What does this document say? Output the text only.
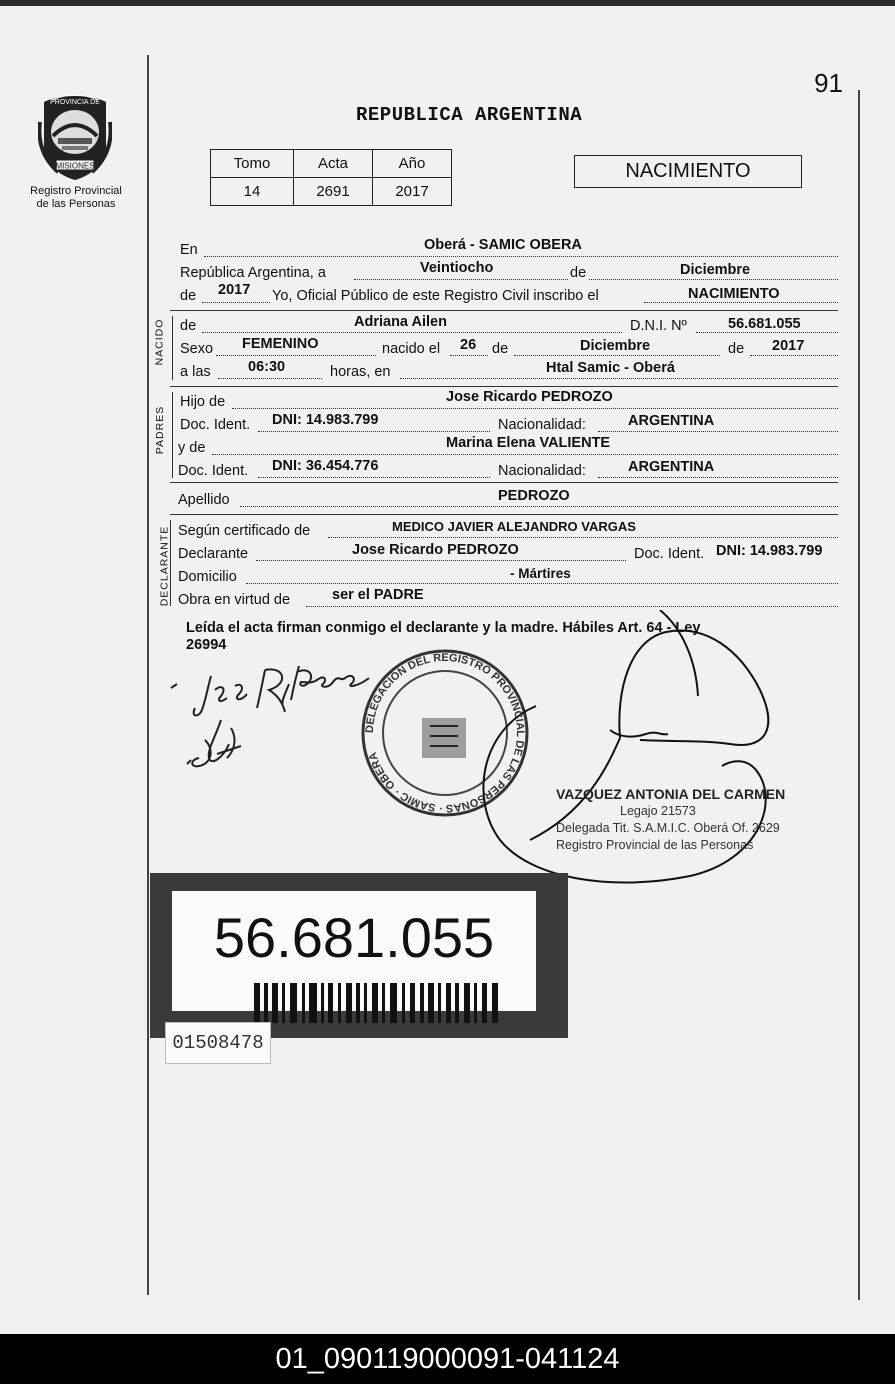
91
PROVINCIA DE
MISIONES
Registro Provincial
de las Personas
REPUBLICA ARGENTINA
Tomo	Acta	Año
14	2691	2017
NACIMIENTO
En	Oberá - SAMIC OBERA
República Argentina, a	Veintiocho	de	Diciembre
de 2017 Yo, Oficial Público de este Registro Civil inscribo el	NACIMIENTO
NACIDO de	Adriana Ailen	D.N.I. Nº	56.681.055
Sexo FEMENINO	nacido el 26 de	Diciembre	de 2017
a las	06:30	horas, en	Htal Samic - Oberá
PADRES
Hijo de	Jose Ricardo PEDROZO
Doc. Ident. DNI: 14.983.799	Nacionalidad:	ARGENTINA
y de	Marina Elena VALIENTE
Doc. Ident. DNI: 36.454.776	Nacionalidad:	ARGENTINA
Apellido	PEDROZO
DECLARANTE Según certificado de	MEDICO JAVIER ALEJANDRO VARGAS
Declarante	Jose Ricardo PEDROZO	Doc. Ident. DNI: 14.983.799
Domicilio	- Mártires
Obra en virtud de	ser el PADRE
Leída el acta firman conmigo el declarante y la madre. Hábiles Art. 64 - Ley
26994
DELEGACIÓN DEL REGISTRO PROVINCIAL DE LAS PERSONAS · SAMIC · OBERÁ
VAZQUEZ ANTONIA DEL CARMEN
Legajo 21573
Delegada Tit. S.A.M.I.C. Oberá Of. 2629
Registro Provincial de las Personas
56.681.055
01508478
01_090119000091-041124
